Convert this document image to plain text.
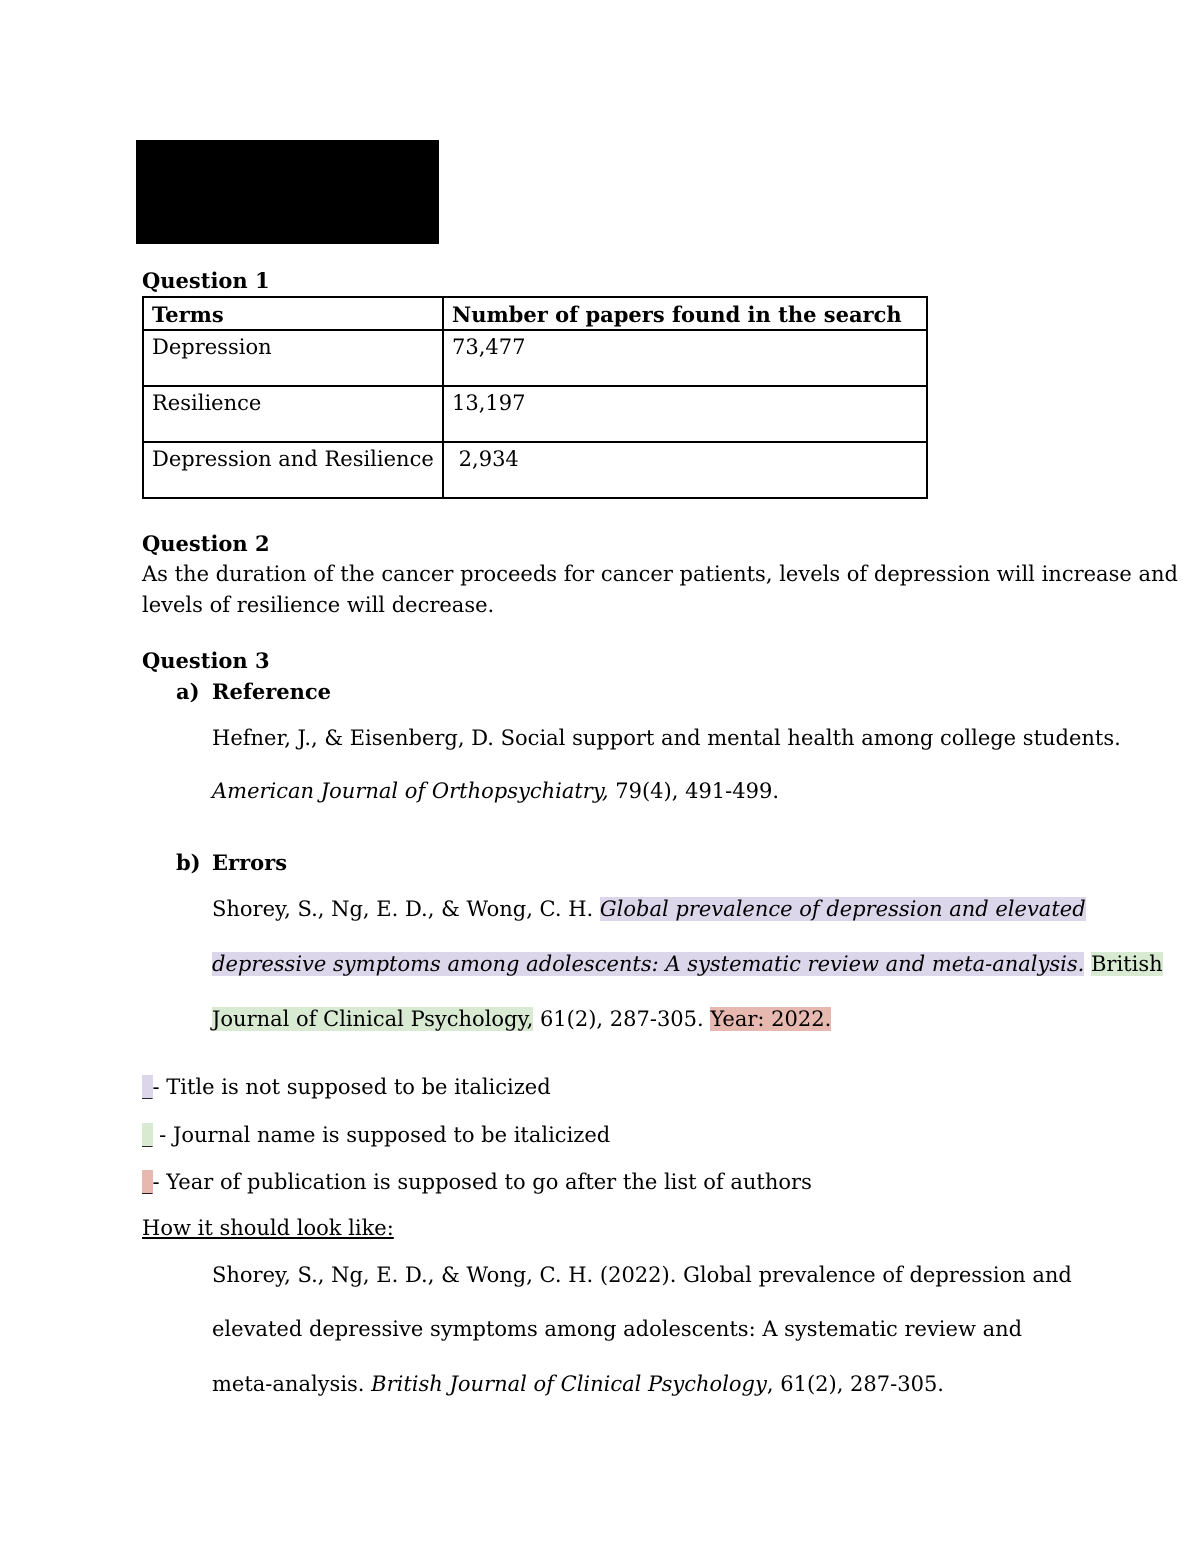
Question 1
Terms	Number of papers found in the search
Depression	73,477
Resilience	13,197
Depression and Resilience	2,934
Question 2
As the duration of the cancer proceeds for cancer patients, levels of depression will increase and
levels of resilience will decrease.
Question 3
a) Reference
Hefner, J., & Eisenberg, D. Social support and mental health among college students.
American Journal of Orthopsychiatry, 79(4), 491-499.
b) Errors
Shorey, S., Ng, E. D., & Wong, C. H. Global prevalence of depression and elevated
depressive symptoms among adolescents: A systematic review and meta-analysis. British
Journal of Clinical Psychology, 61(2), 287-305. Year: 2022.
_- Title is not supposed to be italicized
_ - Journal name is supposed to be italicized
_- Year of publication is supposed to go after the list of authors
How it should look like:
Shorey, S., Ng, E. D., & Wong, C. H. (2022). Global prevalence of depression and
elevated depressive symptoms among adolescents: A systematic review and
meta-analysis. British Journal of Clinical Psychology, 61(2), 287-305.
